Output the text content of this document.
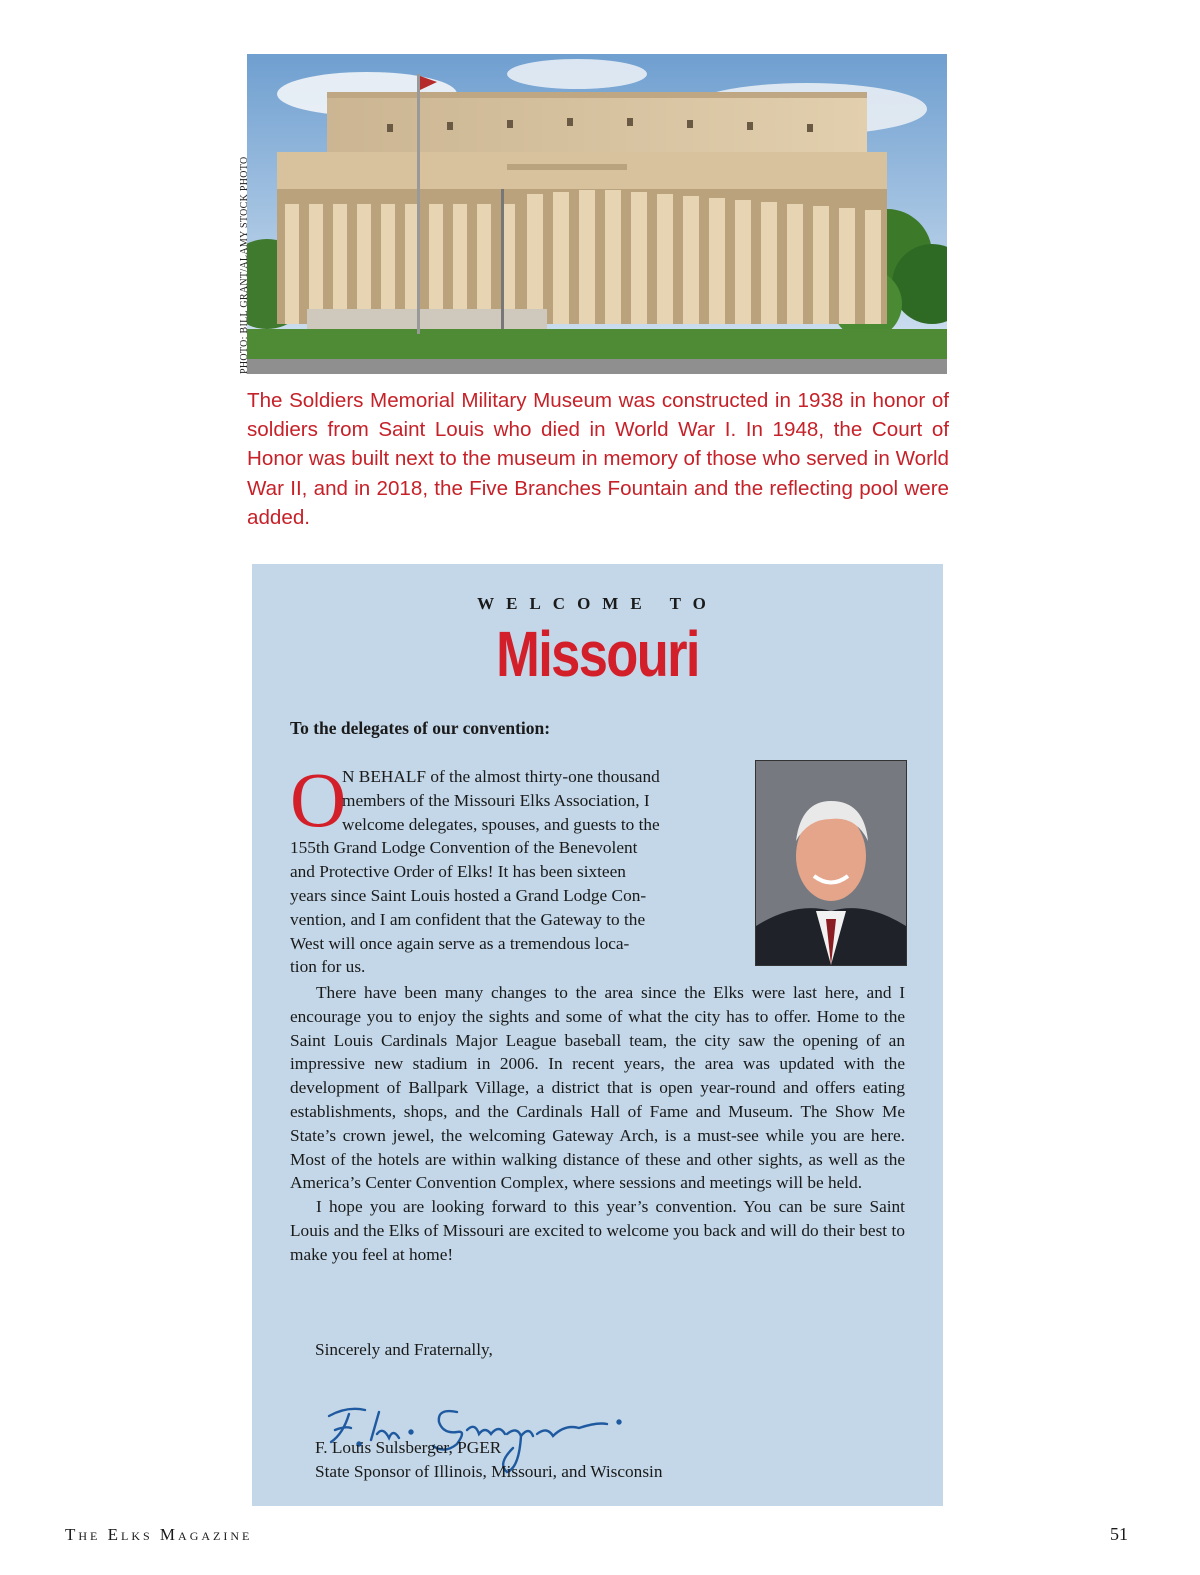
PHOTO: BILL GRANT/ALAMY STOCK PHOTO
The Soldiers Memorial Military Museum was constructed in 1938 in honor of soldiers from Saint Louis who died in World War I. In 1948, the Court of Honor was built next to the museum in memory of those who served in World War II, and in 2018, the Five Branches Fountain and the reflecting pool were added.
WELCOME TO
Missouri
To the delegates of our convention:
O
N BEHALF of the almost thirty-one thousand
members of the Missouri Elks Association, I
welcome delegates, spouses, and guests to the
155th Grand Lodge Convention of the Benevolent
and Protective Order of Elks! It has been sixteen
years since Saint Louis hosted a Grand Lodge Con-
vention, and I am confident that the Gateway to the
West will once again serve as a tremendous loca-
tion for us.

There have been many changes to the area since the Elks were last here, and I encourage you to enjoy the sights and some of what the city has to offer. Home to the Saint Louis Cardinals Major League baseball team, the city saw the opening of an impressive new stadium in 2006. In recent years, the area was updated with the development of Ballpark Village, a district that is open year-round and offers eating establishments, shops, and the Cardinals Hall of Fame and Museum. The Show Me State’s crown jewel, the welcoming Gateway Arch, is a must-see while you are here. Most of the hotels are within walking distance of these and other sights, as well as the America’s Center Convention Complex, where sessions and meetings will be held.

I hope you are looking forward to this year’s convention. You can be sure Saint Louis and the Elks of Missouri are excited to welcome you back and will do their best to make you feel at home!

Sincerely and Fraternally,
F. Louis Sulsberger, PGER
State Sponsor of Illinois, Missouri, and Wisconsin
The Elks Magazine	51
